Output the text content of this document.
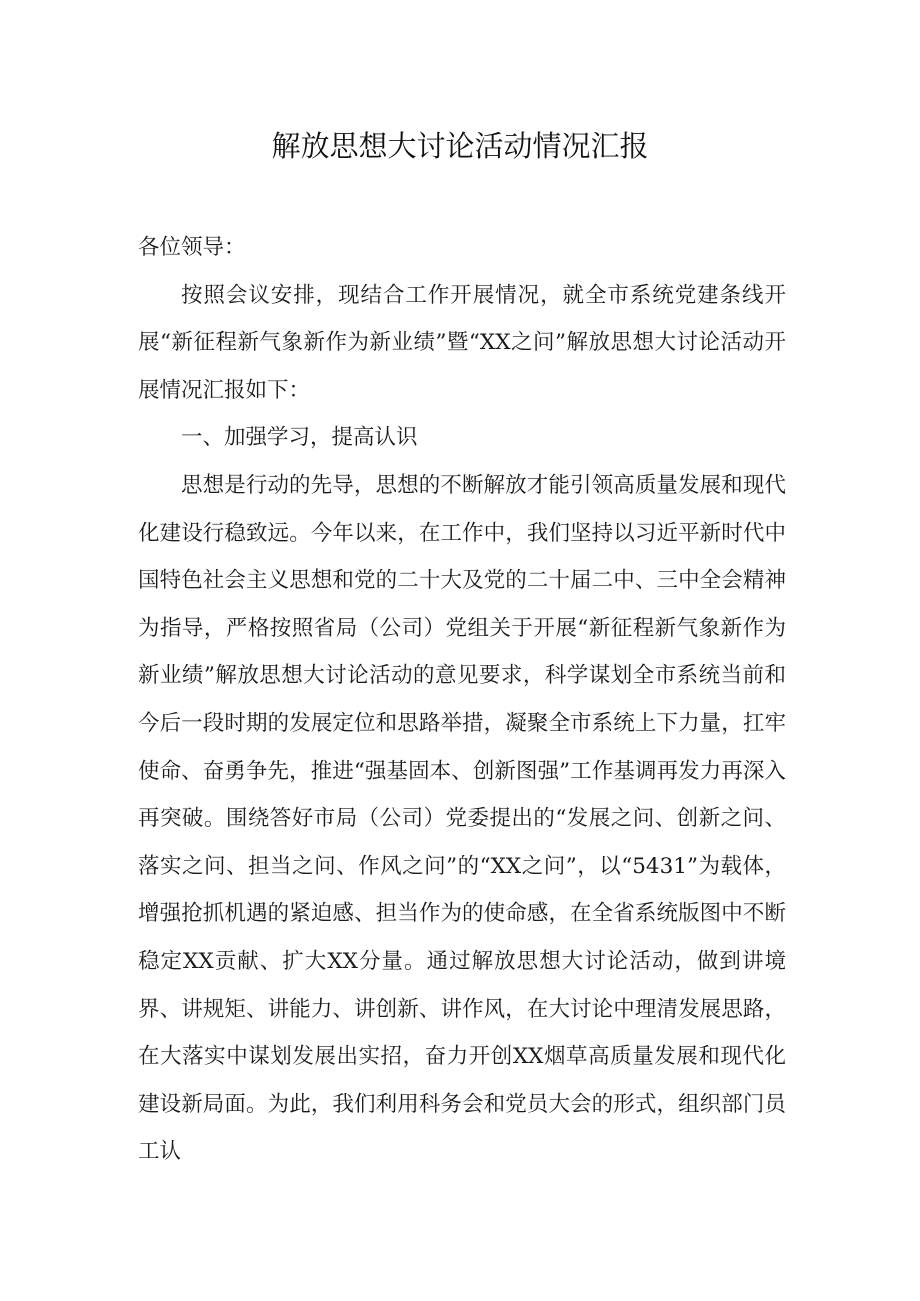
解放思想大讨论活动情况汇报

各位领导：

按照会议安排，现结合工作开展情况，就全市系统党建条线开展“新征程新气象新作为新业绩”暨“XX之问”解放思想大讨论活动开展情况汇报如下：

一、加强学习，提高认识

思想是行动的先导，思想的不断解放才能引领高质量发展和现代化建设行稳致远。今年以来，在工作中，我们坚持以习近平新时代中国特色社会主义思想和党的二十大及党的二十届二中、三中全会精神为指导，严格按照省局（公司）党组关于开展“新征程新气象新作为新业绩”解放思想大讨论活动的意见要求，科学谋划全市系统当前和今后一段时期的发展定位和思路举措，凝聚全市系统上下力量，扛牢使命、奋勇争先，推进“强基固本、创新图强”工作基调再发力再深入再突破。围绕答好市局（公司）党委提出的“发展之问、创新之问、落实之问、担当之问、作风之问”的“XX之问”，以“5431”为载体，增强抢抓机遇的紧迫感、担当作为的使命感，在全省系统版图中不断稳定XX贡献、扩大XX分量。通过解放思想大讨论活动，做到讲境界、讲规矩、讲能力、讲创新、讲作风，在大讨论中理清发展思路，在大落实中谋划发展出实招，奋力开创XX烟草高质量发展和现代化建设新局面。为此，我们利用科务会和党员大会的形式，组织部门员工认
